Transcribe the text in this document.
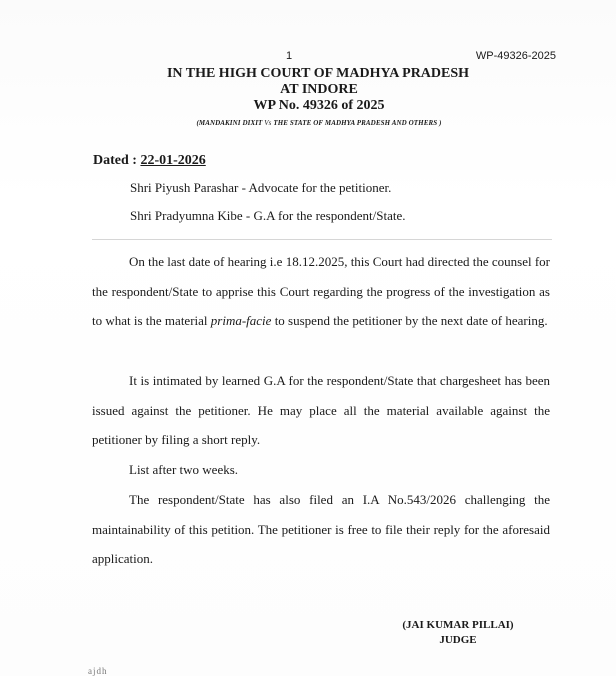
1	WP-49326-2025
IN THE HIGH COURT OF MADHYA PRADESH
AT INDORE
WP No. 49326 of 2025
(MANDAKINI DIXIT Vs THE STATE OF MADHYA PRADESH AND OTHERS )
Dated : 22-01-2026
Shri Piyush Parashar - Advocate for the petitioner.
Shri Pradyumna Kibe - G.A for the respondent/State.
On the last date of hearing i.e 18.12.2025, this Court had directed the counsel for the respondent/State to apprise this Court regarding the progress of the investigation as to what is the material prima-facie to suspend the petitioner by the next date of hearing.
It is intimated by learned G.A for the respondent/State that chargesheet has been issued against the petitioner. He may place all the material available against the petitioner by filing a short reply.
List after two weeks.
The respondent/State has also filed an I.A No.543/2026 challenging the maintainability of this petition. The petitioner is free to file their reply for the aforesaid application.
(JAI KUMAR PILLAI)
JUDGE
ajdh
